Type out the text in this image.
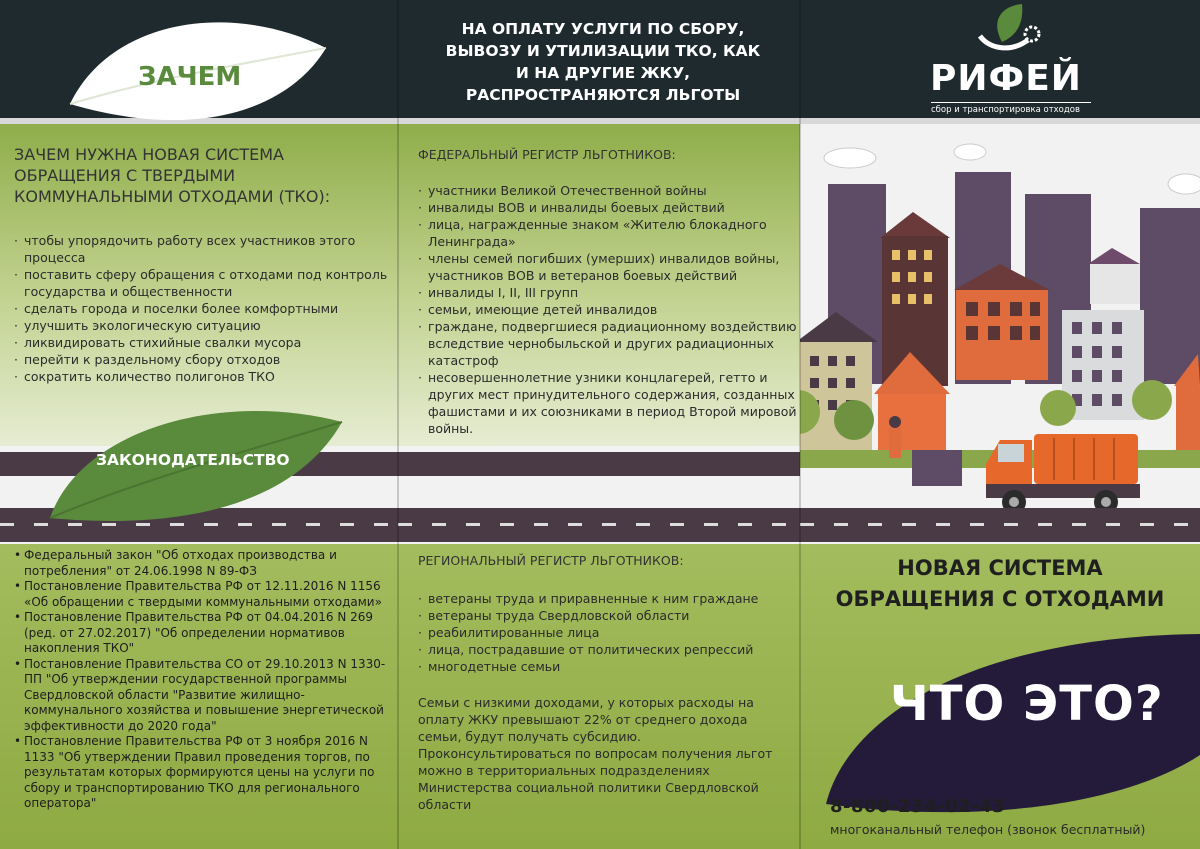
ЗАЧЕМ
ЗАЧЕМ НУЖНА НОВАЯ СИСТЕМА ОБРАЩЕНИЯ С ТВЕРДЫМИ КОММУНАЛЬНЫМИ ОТХОДАМИ (ТКО):
· чтобы упорядочить работу всех участников этого процесса
· поставить сферу обращения с отходами под контроль государства и общественности
· сделать города и поселки более комфортными
· улучшить экологическую ситуацию
· ликвидировать стихийные свалки мусора
· перейти к раздельному сбору отходов
· сократить количество полигонов ТКО
ЗАКОНОДАТЕЛЬСТВО
• Федеральный закон "Об отходах производства и потребления" от 24.06.1998 N 89-ФЗ
• Постановление Правительства РФ от 12.11.2016 N 1156 «Об обращении с твердыми коммунальными отходами»
• Постановление Правительства РФ от 04.04.2016 N 269 (ред. от 27.02.2017) "Об определении нормативов накопления ТКО"
• Постановление Правительства СО от 29.10.2013 N 1330-ПП "Об утверждении государственной программы Свердловской области "Развитие жилищно-коммунального хозяйства и повышение энергетической эффективности до 2020 года"
• Постановление Правительства РФ от 3 ноября 2016 N 1133 "Об утверждении Правил проведения торгов, по результатам которых формируются цены на услуги по сбору и транспортированию ТКО для регионального оператора"
НА ОПЛАТУ УСЛУГИ ПО СБОРУ, ВЫВОЗУ И УТИЛИЗАЦИИ ТКО, КАК И НА ДРУГИЕ ЖКУ, РАСПРОСТРАНЯЮТСЯ ЛЬГОТЫ
ФЕДЕРАЛЬНЫЙ РЕГИСТР ЛЬГОТНИКОВ:
· участники Великой Отечественной войны
· инвалиды ВОВ и инвалиды боевых действий
· лица, награжденные знаком «Жителю блокадного Ленинграда»
· члены семей погибших (умерших) инвалидов войны, участников ВОВ и ветеранов боевых действий
· инвалиды I, II, III групп
· семьи, имеющие детей инвалидов
· граждане, подвергшиеся радиационному воздействию вследствие чернобыльской и других радиационных катастроф
· несовершеннолетние узники концлагерей, гетто и других мест принудительного содержания, созданных фашистами и их союзниками в период Второй мировой войны.
РЕГИОНАЛЬНЫЙ РЕГИСТР ЛЬГОТНИКОВ:
· ветераны труда и приравненные к ним граждане
· ветераны труда Свердловской области
· реабилитированные лица
· лица, пострадавшие от политических репрессий
· многодетные семьи
Семьи с низкими доходами, у которых расходы на оплату ЖКУ превышают 22% от среднего дохода семьи, будут получать субсидию. Проконсультироваться по вопросам получения льгот можно в территориальных подразделениях Министерства социальной политики Свердловской области
РИФЕЙ
сбор и транспортировка отходов
НОВАЯ СИСТЕМА
ОБРАЩЕНИЯ С ОТХОДАМИ
ЧТО ЭТО?
8-800-234-02-43
многоканальный телефон (звонок бесплатный)
